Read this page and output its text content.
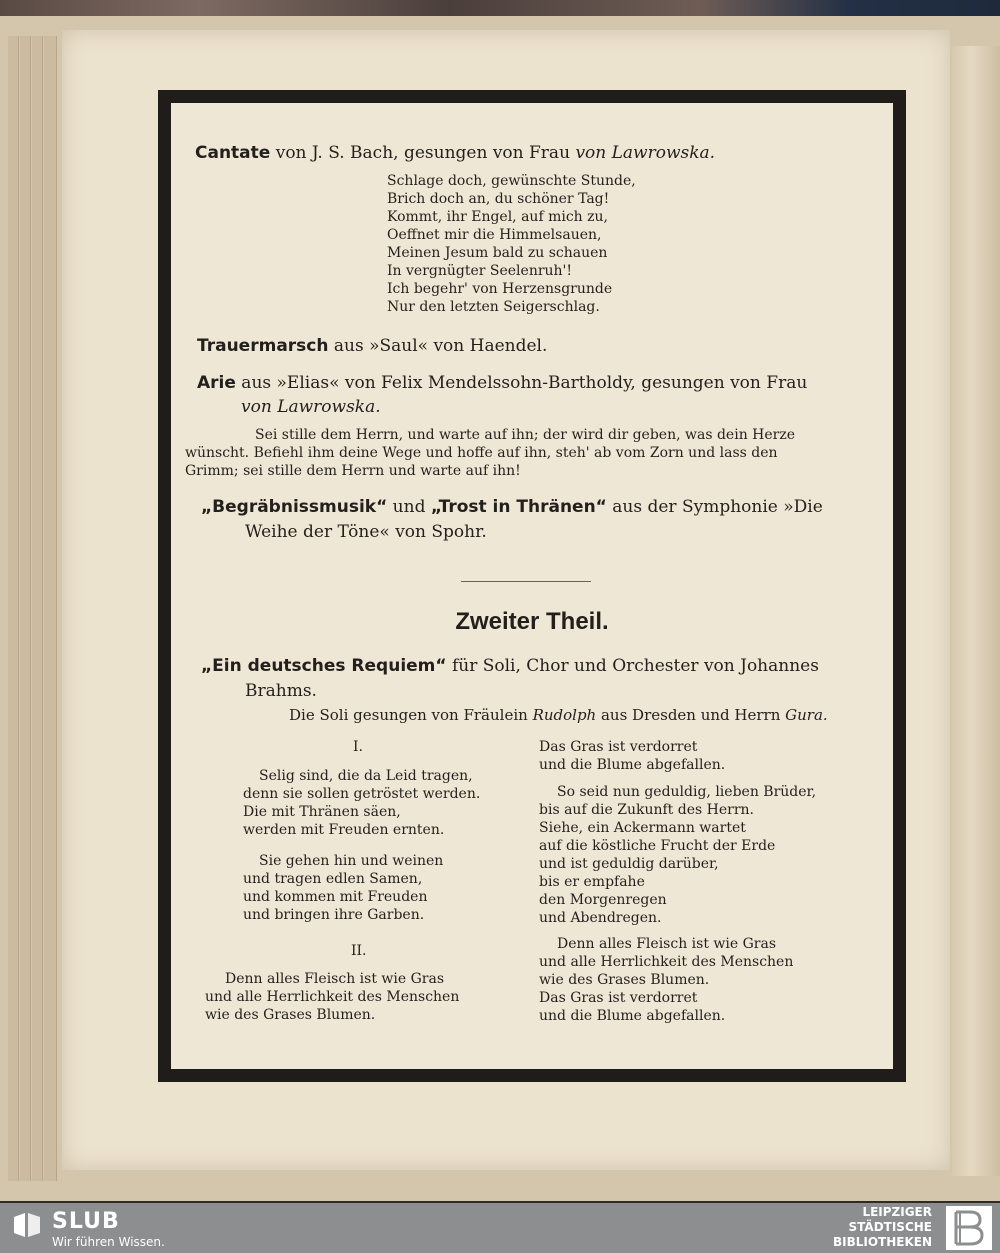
Cantate von J. S. Bach, gesungen von Frau von Lawrowska.
Schlage doch, gewünschte Stunde,
Brich doch an, du schöner Tag!
Kommt, ihr Engel, auf mich zu,
Oeffnet mir die Himmelsauen,
Meinen Jesum bald zu schauen
In vergnügter Seelenruh'!
Ich begehr' von Herzensgrunde
Nur den letzten Seigerschlag.
Trauermarsch aus »Saul« von Haendel.
Arie aus »Elias« von Felix Mendelssohn-Bartholdy, gesungen von Frau
von Lawrowska.
Sei stille dem Herrn, und warte auf ihn; der wird dir geben, was dein Herze
wünscht. Befiehl ihm deine Wege und hoffe auf ihn, steh' ab vom Zorn und lass den
Grimm; sei stille dem Herrn und warte auf ihn!
„Begräbnissmusik“ und „Trost in Thränen“ aus der Symphonie »Die
Weihe der Töne« von Spohr.
Zweiter Theil.
„Ein deutsches Requiem“ für Soli, Chor und Orchester von Johannes
Brahms.
Die Soli gesungen von Fräulein Rudolph aus Dresden und Herrn Gura.
I.
Selig sind, die da Leid tragen,
denn sie sollen getröstet werden.
Die mit Thränen säen,
werden mit Freuden ernten.
Sie gehen hin und weinen
und tragen edlen Samen,
und kommen mit Freuden
und bringen ihre Garben.
II.
Denn alles Fleisch ist wie Gras
und alle Herrlichkeit des Menschen
wie des Grases Blumen.
Das Gras ist verdorret
und die Blume abgefallen.
So seid nun geduldig, lieben Brüder,
bis auf die Zukunft des Herrn.
Siehe, ein Ackermann wartet
auf die köstliche Frucht der Erde
und ist geduldig darüber,
bis er empfahe
den Morgenregen
und Abendregen.
Denn alles Fleisch ist wie Gras
und alle Herrlichkeit des Menschen
wie des Grases Blumen.
Das Gras ist verdorret
und die Blume abgefallen.
SLUB
Wir führen Wissen.
LEIPZIGER
STÄDTISCHE
BIBLIOTHEKEN
